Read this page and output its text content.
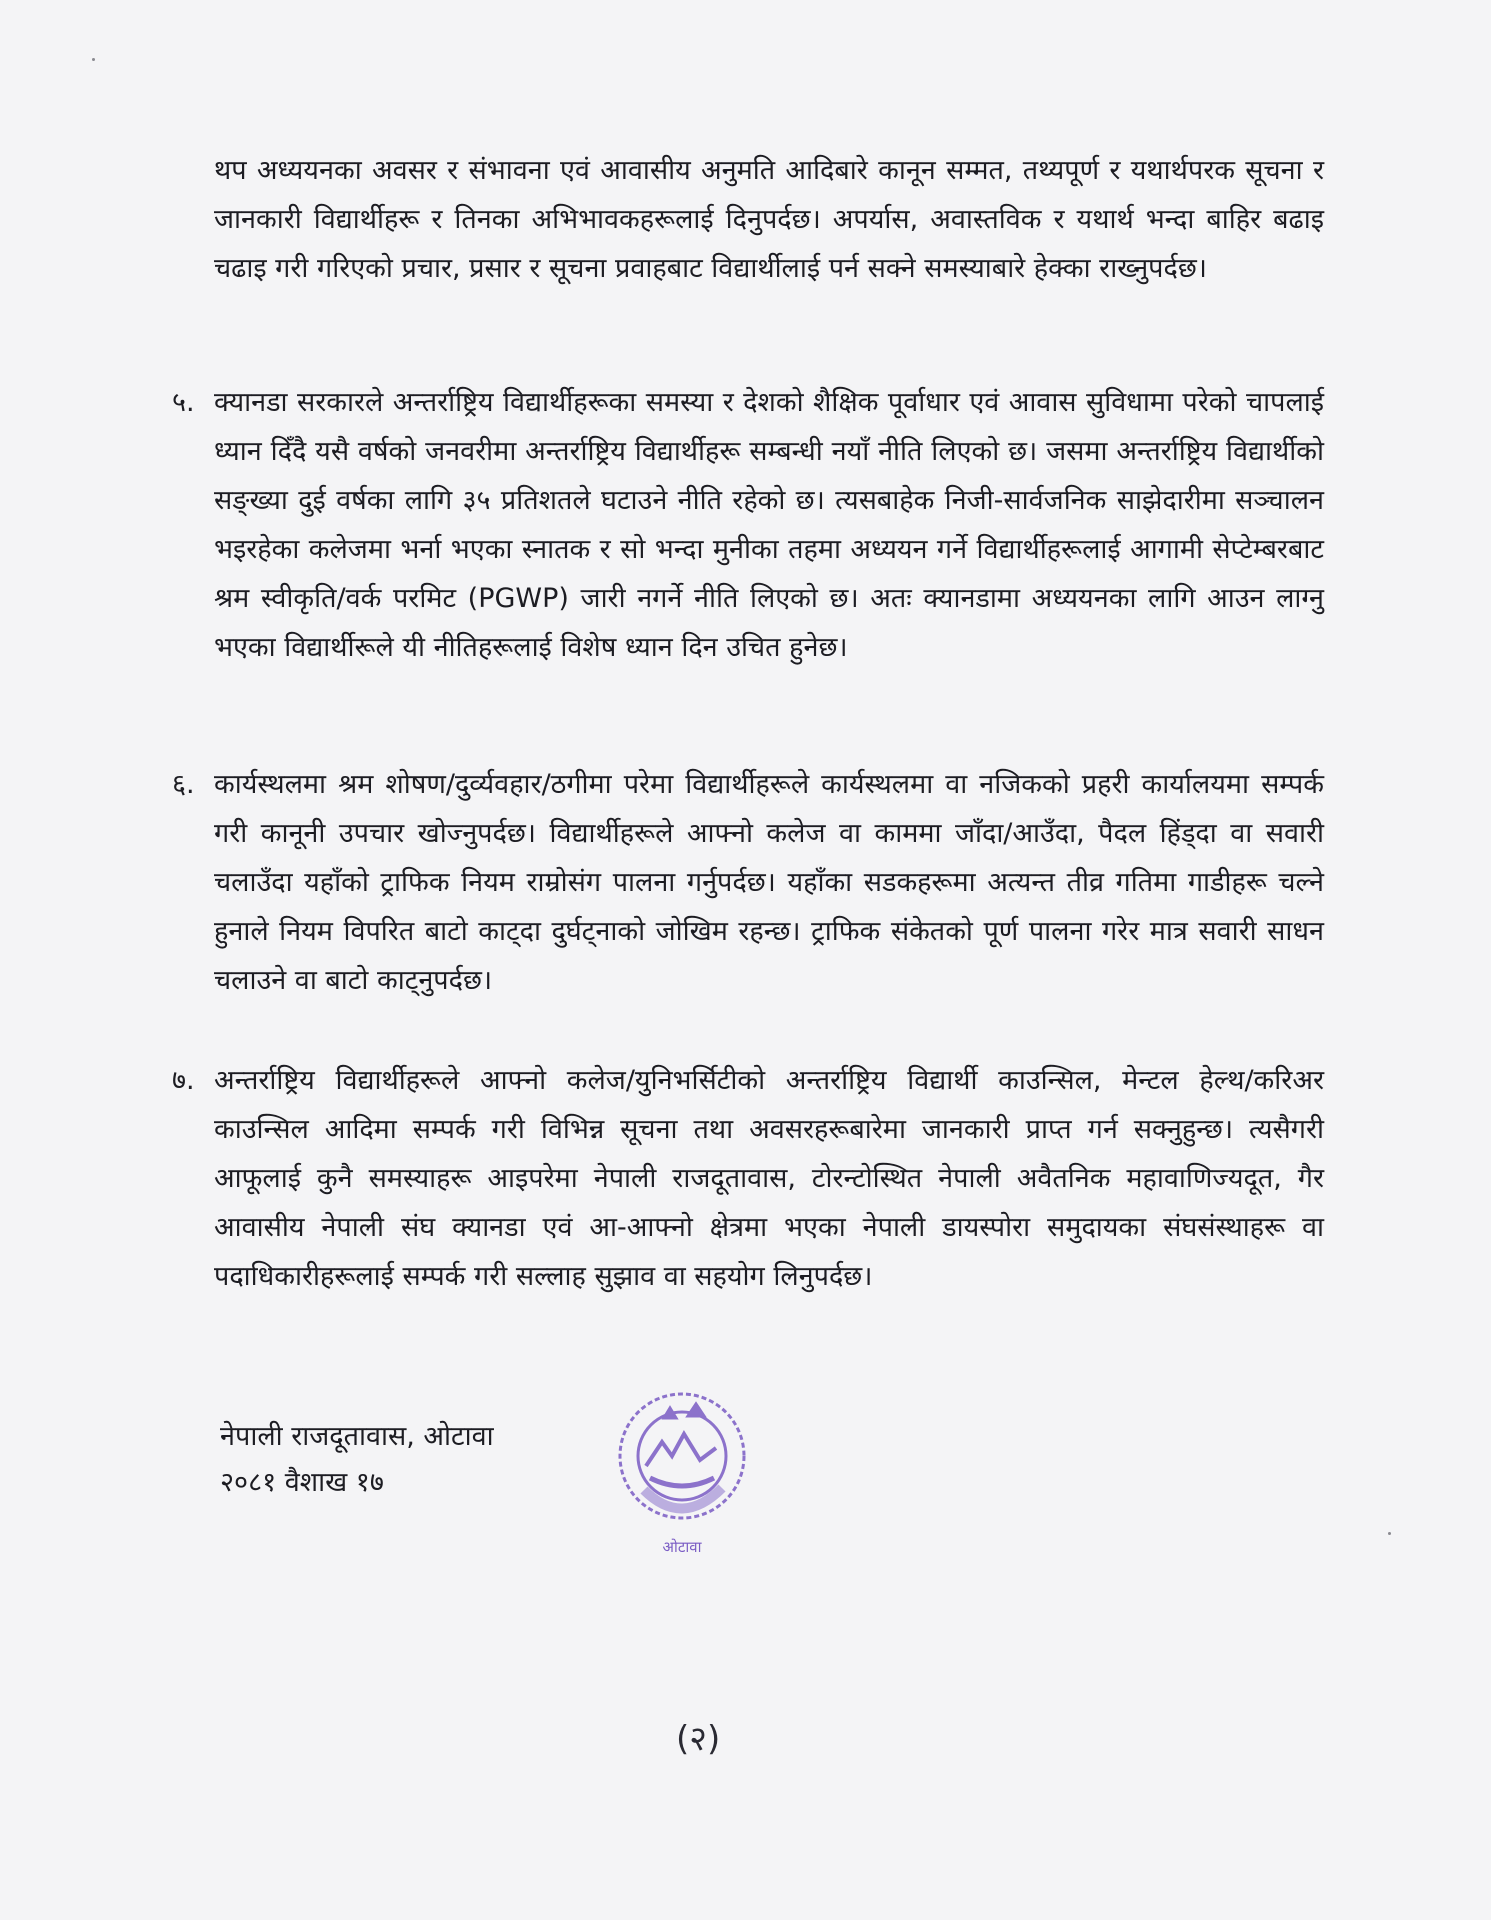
थप अध्ययनका अवसर र संभावना एवं आवासीय अनुमति आदिबारे कानून सम्मत, तथ्यपूर्ण र यथार्थपरक सूचना र जानकारी विद्यार्थीहरू र तिनका अभिभावकहरूलाई दिनुपर्दछ। अपर्यास, अवास्तविक र यथार्थ भन्दा बाहिर बढाइ चढाइ गरी गरिएको प्रचार, प्रसार र सूचना प्रवाहबाट विद्यार्थीलाई पर्न सक्ने समस्याबारे हेक्का राख्नुपर्दछ।
५. क्यानडा सरकारले अन्तर्राष्ट्रिय विद्यार्थीहरूका समस्या र देशको शैक्षिक पूर्वाधार एवं आवास सुविधामा परेको चापलाई ध्यान दिँदै यसै वर्षको जनवरीमा अन्तर्राष्ट्रिय विद्यार्थीहरू सम्बन्धी नयाँ नीति लिएको छ। जसमा अन्तर्राष्ट्रिय विद्यार्थीको सङ्ख्या दुई वर्षका लागि ३५ प्रतिशतले घटाउने नीति रहेको छ। त्यसबाहेक निजी-सार्वजनिक साझेदारीमा सञ्चालन भइरहेका कलेजमा भर्ना भएका स्नातक र सो भन्दा मुनीका तहमा अध्ययन गर्ने विद्यार्थीहरूलाई आगामी सेप्टेम्बरबाट श्रम स्वीकृति/वर्क परमिट (PGWP) जारी नगर्ने नीति लिएको छ। अतः क्यानडामा अध्ययनका लागि आउन लाग्नु भएका विद्यार्थीरूले यी नीतिहरूलाई विशेष ध्यान दिन उचित हुनेछ।
६. कार्यस्थलमा श्रम शोषण/दुर्व्यवहार/ठगीमा परेमा विद्यार्थीहरूले कार्यस्थलमा वा नजिकको प्रहरी कार्यालयमा सम्पर्क गरी कानूनी उपचार खोज्नुपर्दछ। विद्यार्थीहरूले आफ्नो कलेज वा काममा जाँदा/आउँदा, पैदल हिंड्दा वा सवारी चलाउँदा यहाँको ट्राफिक नियम राम्रोसंग पालना गर्नुपर्दछ। यहाँका सडकहरूमा अत्यन्त तीव्र गतिमा गाडीहरू चल्ने हुनाले नियम विपरित बाटो काट्दा दुर्घट्नाको जोखिम रहन्छ। ट्राफिक संकेतको पूर्ण पालना गरेर मात्र सवारी साधन चलाउने वा बाटो काट्नुपर्दछ।
७. अन्तर्राष्ट्रिय विद्यार्थीहरूले आफ्नो कलेज/युनिभर्सिटीको अन्तर्राष्ट्रिय विद्यार्थी काउन्सिल, मेन्टल हेल्थ/करिअर काउन्सिल आदिमा सम्पर्क गरी विभिन्न सूचना तथा अवसरहरूबारेमा जानकारी प्राप्त गर्न सक्नुहुन्छ। त्यसैगरी आफूलाई कुनै समस्याहरू आइपरेमा नेपाली राजदूतावास, टोरन्टोस्थित नेपाली अवैतनिक महावाणिज्यदूत, गैर आवासीय नेपाली संघ क्यानडा एवं आ-आफ्नो क्षेत्रमा भएका नेपाली डायस्पोरा समुदायका संघसंस्थाहरू वा पदाधिकारीहरूलाई सम्पर्क गरी सल्लाह सुझाव वा सहयोग लिनुपर्दछ।
नेपाली राजदूतावास, ओटावा
२०८१ वैशाख १७
ओटावा
(२)
